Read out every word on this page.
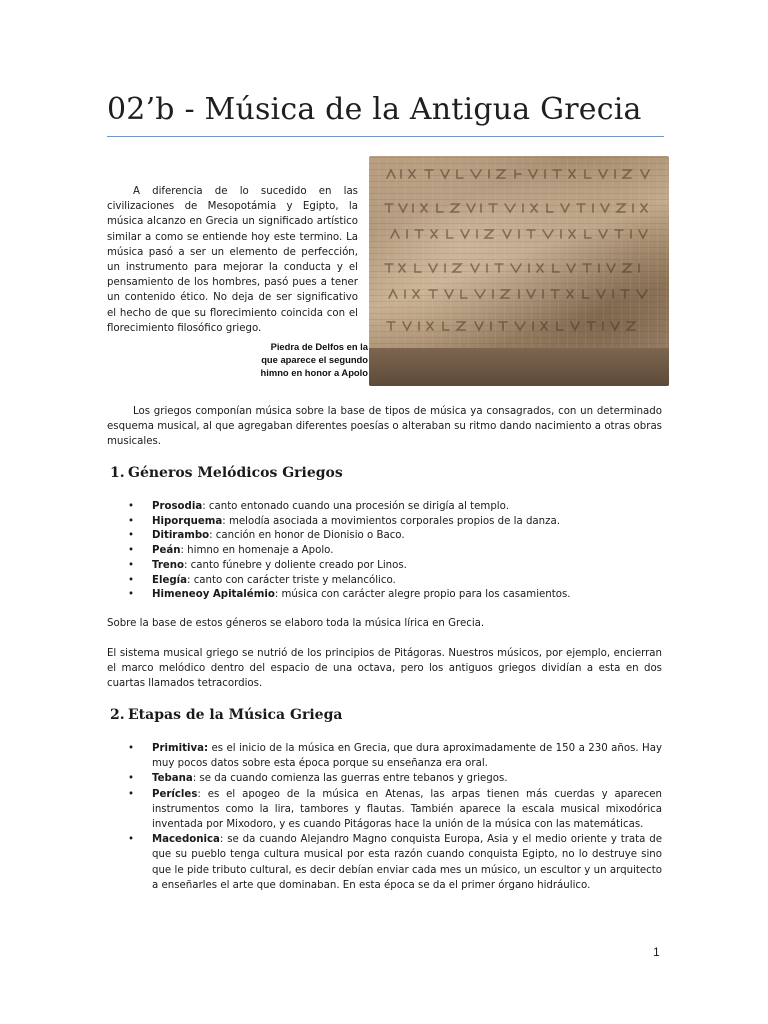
02’b - Música de la Antigua Grecia

A diferencia de lo sucedido en las civilizaciones de Mesopotámia y Egipto, la música alcanzo en Grecia un significado artístico similar a como se entiende hoy este termino. La música pasó a ser un elemento de perfección, un instrumento para mejorar la conducta y el pensamiento de los hombres, pasó pues a tener un contenido ético. No deja de ser significativo el hecho de que su florecimiento coincida con el florecimiento filosófico griego.

Piedra de Delfos en la que aparece el segundo himno en honor a Apolo

Los griegos componían música sobre la base de tipos de música ya consagrados, con un determinado esquema musical, al que agregaban diferentes poesías o alteraban su ritmo dando nacimiento a otras obras musicales.

1. Géneros Melódicos Griegos
• Prosodia: canto entonado cuando una procesión se dirigía al templo.
• Hiporquema: melodía asociada a movimientos corporales propios de la danza.
• Ditirambo: canción en honor de Dionisio o Baco.
• Peán: himno en homenaje a Apolo.
• Treno: canto fúnebre y doliente creado por Linos.
• Elegía: canto con carácter triste y melancólico.
• Himeneoy Apitalémio: música con carácter alegre propio para los casamientos.

Sobre la base de estos géneros se elaboro toda la música lírica en Grecia.

El sistema musical griego se nutrió de los principios de Pitágoras. Nuestros músicos, por ejemplo, encierran el marco melódico dentro del espacio de una octava, pero los antiguos griegos dividían a esta en dos cuartas llamados tetracordios.

2. Etapas de la Música Griega
• Primitiva: es el inicio de la música en Grecia, que dura aproximadamente de 150 a 230 años. Hay muy pocos datos sobre esta época porque su enseñanza era oral.
• Tebana: se da cuando comienza las guerras entre tebanos y griegos.
• Perícles: es el apogeo de la música en Atenas, las arpas tienen más cuerdas y aparecen instrumentos como la lira, tambores y flautas. También aparece la escala musical mixodórica inventada por Mixodoro, y es cuando Pitágoras hace la unión de la música con las matemáticas.
• Macedonica: se da cuando Alejandro Magno conquista Europa, Asia y el medio oriente y trata de que su pueblo tenga cultura musical por esta razón cuando conquista Egipto, no lo destruye sino que le pide tributo cultural, es decir debían enviar cada mes un músico, un escultor y un arquitecto a enseñarles el arte que dominaban. En esta época se da el primer órgano hidráulico.
1
